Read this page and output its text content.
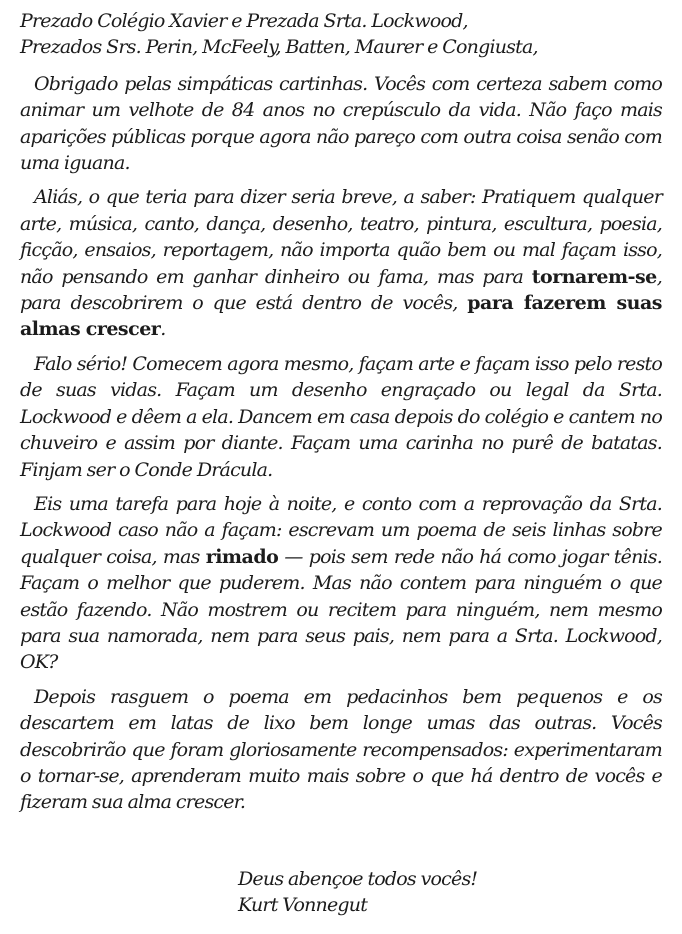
Prezado Colégio Xavier e Prezada Srta. Lockwood,
Prezados Srs. Perin, McFeely, Batten, Maurer e Congiusta,

Obrigado pelas simpáticas cartinhas. Vocês com certeza sabem como animar um velhote de 84 anos no crepúsculo da vida. Não faço mais aparições públicas porque agora não pareço com outra coisa senão com uma iguana.

Aliás, o que teria para dizer seria breve, a saber: Pratiquem qualquer arte, música, canto, dança, desenho, teatro, pintura, escultura, poesia, ficção, ensaios, reportagem, não importa quão bem ou mal façam isso, não pensando em ganhar dinheiro ou fama, mas para tornarem-se, para descobrirem o que está dentro de vocês, para fazerem suas almas crescer.

Falo sério! Comecem agora mesmo, façam arte e façam isso pelo resto de suas vidas. Façam um desenho engraçado ou legal da Srta. Lockwood e dêem a ela. Dancem em casa depois do colégio e cantem no chuveiro e assim por diante. Façam uma carinha no purê de batatas. Finjam ser o Conde Drácula.

Eis uma tarefa para hoje à noite, e conto com a reprovação da Srta. Lockwood caso não a façam: escrevam um poema de seis linhas sobre qualquer coisa, mas rimado — pois sem rede não há como jogar tênis. Façam o melhor que puderem. Mas não contem para ninguém o que estão fazendo. Não mostrem ou recitem para ninguém, nem mesmo para sua namorada, nem para seus pais, nem para a Srta. Lockwood, OK?

Depois rasguem o poema em pedacinhos bem pequenos e os descartem em latas de lixo bem longe umas das outras. Vocês descobrirão que foram gloriosamente recompensados: experimentaram o tornar-se, aprenderam muito mais sobre o que há dentro de vocês e fizeram sua alma crescer.

Deus abençoe todos vocês!
Kurt Vonnegut
